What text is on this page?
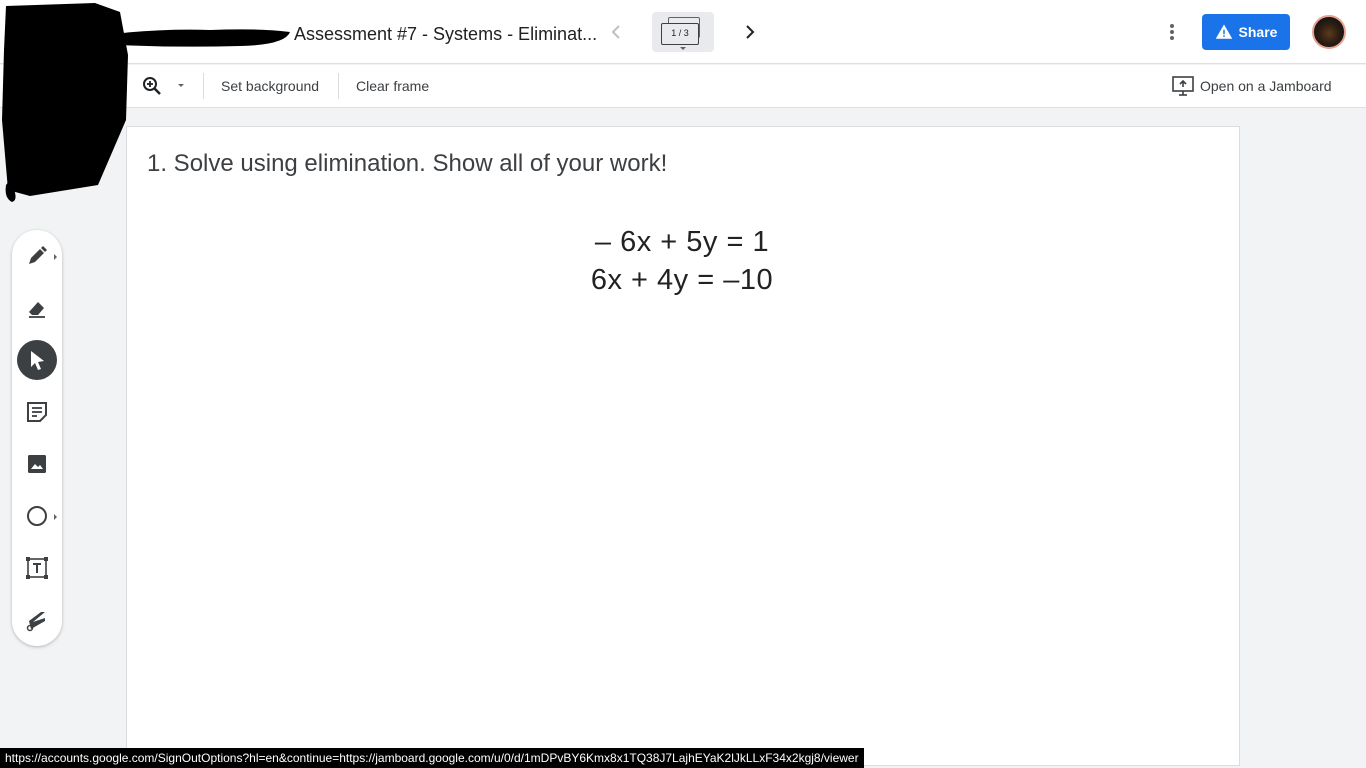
Assessment #7 - Systems - Eliminat...	1 / 3	Share
Set background	Clear frame	Open on a Jamboard
1. Solve using elimination. Show all of your work!
– 6x + 5y = 1
6x + 4y = –10
https://accounts.google.com/SignOutOptions?hl=en&continue=https://jamboard.google.com/u/0/d/1mDPvBY6Kmx8x1TQ38J7LajhEYaK2lJkLLxF34x2kgj8/viewer
